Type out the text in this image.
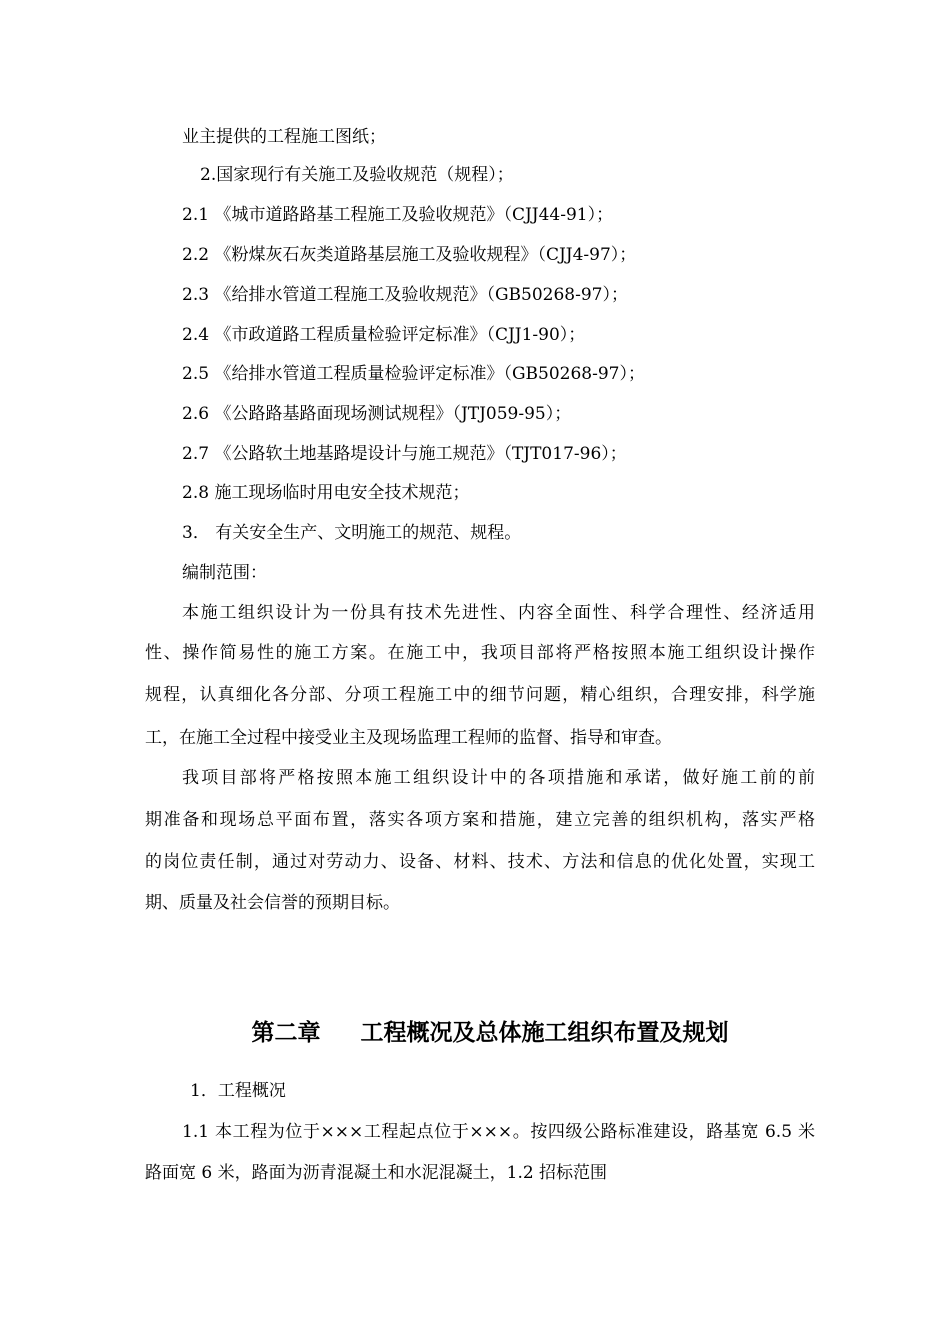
业主提供的工程施工图纸；
2.国家现行有关施工及验收规范（规程）；
2.1 《城市道路路基工程施工及验收规范》（CJJ44-91）；
2.2 《粉煤灰石灰类道路基层施工及验收规程》（CJJ4-97）；
2.3 《给排水管道工程施工及验收规范》（GB50268-97）；
2.4 《市政道路工程质量检验评定标准》（CJJ1-90）；
2.5 《给排水管道工程质量检验评定标准》（GB50268-97）；
2.6 《公路路基路面现场测试规程》（JTJ059-95）；
2.7 《公路软土地基路堤设计与施工规范》（TJT017-96）；
2.8 施工现场临时用电安全技术规范；
3． 有关安全生产、文明施工的规范、规程。
编制范围：
本施工组织设计为一份具有技术先进性、内容全面性、科学合理性、经济适用
性、操作简易性的施工方案。在施工中，我项目部将严格按照本施工组织设计操作
规程，认真细化各分部、分项工程施工中的细节问题，精心组织，合理安排，科学施
工，在施工全过程中接受业主及现场监理工程师的监督、指导和审查。
我项目部将严格按照本施工组织设计中的各项措施和承诺，做好施工前的前
期准备和现场总平面布置，落实各项方案和措施，建立完善的组织机构，落实严格
的岗位责任制，通过对劳动力、设备、材料、技术、方法和信息的优化处置，实现工
期、质量及社会信誉的预期目标。
第二章     工程概况及总体施工组织布置及规划
1．工程概况
1.1 本工程为位于×××工程起点位于×××。按四级公路标准建设，路基宽 6.5 米
路面宽 6 米，路面为沥青混凝土和水泥混凝土，1.2 招标范围
